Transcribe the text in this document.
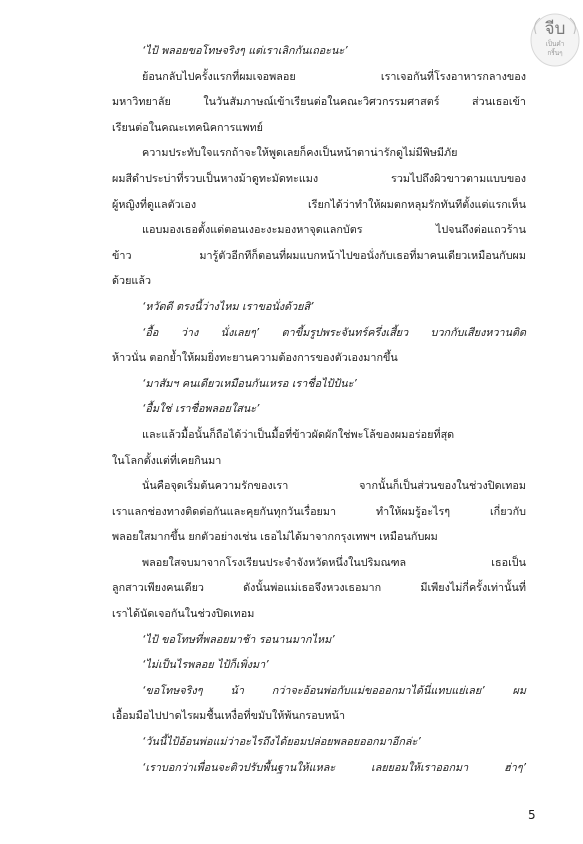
จีบ
เป็นคำ
กริ้นๆ

‘ไป้ พลอยขอโทษจริงๆ แต่เราเลิกกันเถอะนะ’

ย้อนกลับไปครั้งแรกที่ผมเจอพลอย เราเจอกันที่โรงอาหารกลางของ

มหาวิทยาลัย ในวันสัมภาษณ์เข้าเรียนต่อในคณะวิศวกรรมศาสตร์ ส่วนเธอเข้า

เรียนต่อในคณะเทคนิคการแพทย์

ความประทับใจแรกถ้าจะให้พูดเลยก็คงเป็นหน้าตาน่ารักดูไม่มีพิษมีภัย

ผมสีดำประบ่าที่รวบเป็นหางม้าดูทะมัดทะแมง รวมไปถึงผิวขาวตามแบบของ

ผู้หญิงที่ดูแลตัวเอง เรียกได้ว่าทำให้ผมตกหลุมรักทันทีตั้งแต่แรกเห็น

แอบมองเธอตั้งแต่ตอนเงอะงะมองหาจุดแลกบัตร ไปจนถึงต่อแถวร้าน

ข้าว มารู้ตัวอีกทีก็ตอนที่ผมแบกหน้าไปขอนั่งกับเธอที่มาคนเดียวเหมือนกับผม

ด้วยแล้ว

‘หวัดดี ตรงนี้ว่างไหม เราขอนั่งด้วยสิ’

‘อื้อ ว่าง นั่งเลยๆ’ ตาขี้มรูปพระจันทร์ครึ่งเสี้ยว บวกกับเสียงหวานติด

ห้าวนั่น ตอกย้ำให้ผมยิ่งทะยานความต้องการของตัวเองมากขึ้น

‘มาสัมฯ คนเดียวเหมือนกันเหรอ เราชื่อไป้ป้นะ’

‘อื้มใช่ เราชื่อพลอยใสนะ’

และแล้วมื้อนั้นก็ถือได้ว่าเป็นมื้อที่ข้าวผัดผักใช่พะโล้ของผมอร่อยที่สุด

ในโลกตั้งแต่ที่เคยกินมา

นั่นคือจุดเริ่มต้นความรักของเรา จากนั้นก็เป็นส่วนของในช่วงปิดเทอม

เราแลกช่องทางติดต่อกันและคุยกันทุกวันเรื่อยมา ทำให้ผมรู้อะไรๆ เกี่ยวกับ

พลอยใสมากขึ้น ยกตัวอย่างเช่น เธอไม่ได้มาจากกรุงเทพฯ เหมือนกับผม

พลอยใสจบมาจากโรงเรียนประจำจังหวัดหนึ่งในปริมณฑล เธอเป็น

ลูกสาวเพียงคนเดียว ดังนั้นพ่อแม่เธอจึงหวงเธอมาก มีเพียงไม่กี่ครั้งเท่านั้นที่

เราได้นัดเจอกันในช่วงปิดเทอม

‘ไป้ ขอโทษที่พลอยมาช้า รอนานมากไหม’

‘ไม่เป็นไรพลอย ไป้ก็เพิ่งมา’

‘ขอโทษจริงๆ น้า กว่าจะอ้อนพ่อกับแม่ขอออกมาได้นี่แทบแย่เลย’ ผม

เอื้อมมือไปปาดไรผมชื้นเหงื่อที่ขมับให้พ้นกรอบหน้า

‘วันนี้ไป้อ้อนพ่อแม่ว่าอะไรถึงได้ยอมปล่อยพลอยออกมาอีกล่ะ’

‘เราบอกว่าเพื่อนจะติวปรับพื้นฐานให้แหละ เลยยอมให้เราออกมา ฮ่าๆ’

5
